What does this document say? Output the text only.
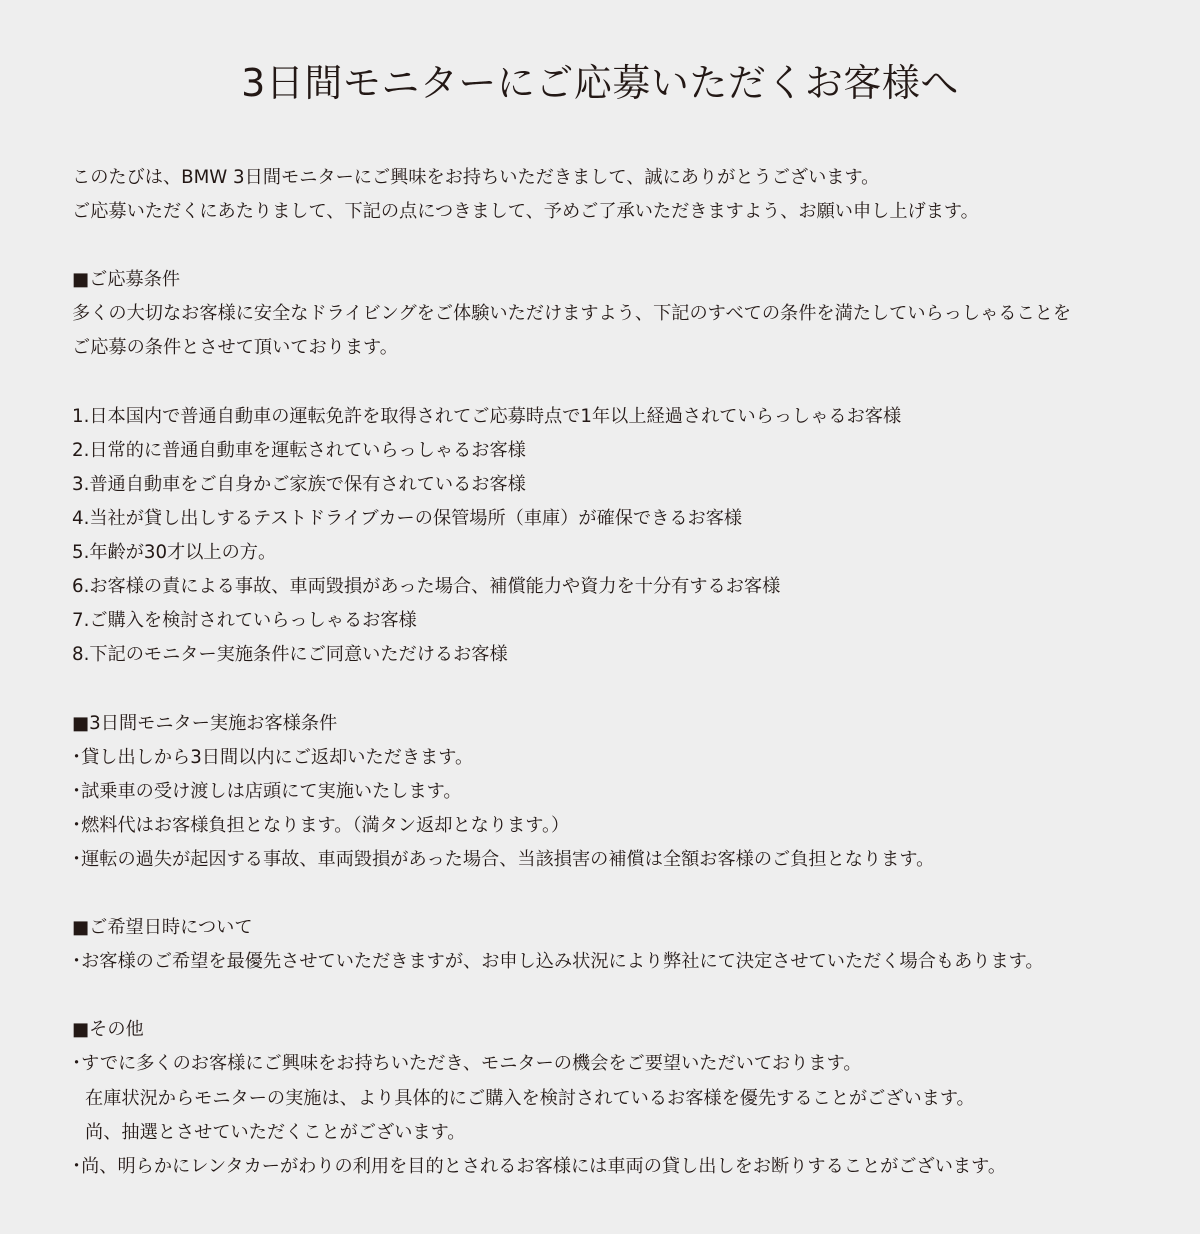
3日間モニターにご応募いただくお客様へ
このたびは、BMW 3日間モニターにご興味をお持ちいただきまして、誠にありがとうございます。
ご応募いただくにあたりまして、下記の点につきまして、予めご了承いただきますよう、お願い申し上げます。
■ご応募条件
多くの大切なお客様に安全なドライビングをご体験いただけますよう、下記のすべての条件を満たしていらっしゃることを
ご応募の条件とさせて頂いております。
1.日本国内で普通自動車の運転免許を取得されてご応募時点で1年以上経過されていらっしゃるお客様
2.日常的に普通自動車を運転されていらっしゃるお客様
3.普通自動車をご自身かご家族で保有されているお客様
4.当社が貸し出しするテストドライブカーの保管場所（車庫）が確保できるお客様
5.年齢が30才以上の方。
6.お客様の責による事故、車両毀損があった場合、補償能力や資力を十分有するお客様
7.ご購入を検討されていらっしゃるお客様
8.下記のモニター実施条件にご同意いただけるお客様
■3日間モニター実施お客様条件
･貸し出しから3日間以内にご返却いただきます。
･試乗車の受け渡しは店頭にて実施いたします。
･燃料代はお客様負担となります。（満タン返却となります。）
･運転の過失が起因する事故、車両毀損があった場合、当該損害の補償は全額お客様のご負担となります。
■ご希望日時について
･お客様のご希望を最優先させていただきますが、お申し込み状況により弊社にて決定させていただく場合もあります。
■その他
･すでに多くのお客様にご興味をお持ちいただき、モニターの機会をご要望いただいております。
在庫状況からモニターの実施は、より具体的にご購入を検討されているお客様を優先することがございます。
尚、抽選とさせていただくことがございます。
･尚、明らかにレンタカーがわりの利用を目的とされるお客様には車両の貸し出しをお断りすることがございます。
